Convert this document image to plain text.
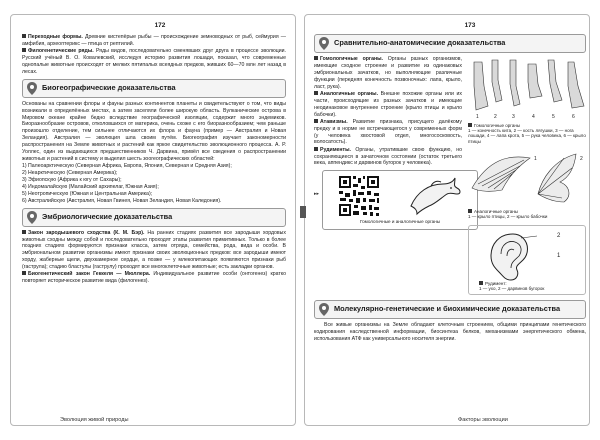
172
Переходные формы. Древние кистепёрые рыбы — происхождение земноводных от рыб, сеймурия — амфибия, археоптерикс — птица от рептилий.
Филогенетические ряды. Ряды видов, последовательно сменявших друг друга в процессе эволюции. Русский учёный В. О. Ковалевский, исследуя историю развития лошади, показал, что современные однопалые животные происходят от мелких пятипалых всеядных предков, живших 60—70 млн лет назад в лесах.
Биогеографические доказательства
Основаны на сравнении флоры и фауны разных континентов планеты и свидетельствуют о том, что виды возникали в определённых местах, а затем заселяли более широкую область. Вулканические острова в Мировом океане крайне бедно вследствие географической изоляции, содержит много эндемиков. Биоразнообразие островов, отколовшихся от материка, очень схоже с его биоразнообразием; чем раньше произошло отделение, тем сильнее отличаются их флора и фауна (пример — Австралия и Новая Зеландия). Австралия — эволюция шла своим путём. Биогеография изучает закономерности распространения на Земле животных и растений как яркое свидетельство эволюционного процесса. А. Р. Уоллес, один из выдающихся предшественников Ч. Дарвина, привёл все сведения о распространении животных и растений в систему и выделил шесть зоогеографических областей:
1) Палеоарктическую (Северная Африка, Европа, Япония, Северная и Средняя Азия);
2) Неарктическую (Северная Америка);
3) Эфиопскую (Африка к югу от Сахары);
4) Индомалайскую (Малайский архипелаг, Южная Азия);
5) Неотропическую (Южная и Центральная Америка);
6) Австралийскую (Австралия, Новая Гвинея, Новая Зеландия, Новая Каледония).
Эмбриологические доказательства
Закон зародышевого сходства (К. М. Бэр). На ранних стадиях развития все зародыши хордовых животных сходны между собой и последовательно проходят этапы развития примитивных. Только в более поздних стадиях формируются признаки класса, затем отряда, семейства, рода, вида и особи. В эмбриональном развитии организмы имеют признаки своих эволюционных предков: все зародыши имеют хорду, жаберные щели, двухкамерное сердце, а позже — у млекопитающих появляются признаки рыб (гаструла); стадию бластулы (гаструлу) проходят все многоклеточные животные; есть закладки органов.
Биогенетический закон Геккеля — Мюллера. Индивидуальное развитие особи (онтогенез) кратко повторяет историческое развитие вида (филогенез).
Эволюция живой природы
173
Сравнительно-анатомические доказательства
Гомологичные органы. Органы разных организмов, имеющие сходное строение и развитие из одинаковых эмбриональных зачатков, но выполняющие различные функции (передняя конечность позвоночных: лапа, крыло, ласт, рука).
Аналогичные органы. Внешне похожие органы или их части, происходящие из разных зачатков и имеющие неодинаковое внутреннее строение (крыло птицы и крыло бабочки).
Атавизмы. Развитие признака, присущего далёкому предку и в норме не встречающегося у современных форм (у человека хвостовой отдел, многососковость, волосатость).
Рудименты. Органы, утратившие свою функцию, но сохраняющиеся в зачаточном состоянии (остаток третьего века, аппендикс и дарвинов бугорок у человека).
▸▸
Гомологичные и аналогичные органы
1	2	3	4	5	6
Гомологичные органы
1 — конечность кита, 2 — кость лягушки, 3 — нога лошади, 4 — лапа крота, 5 — рука человека, 6 — крыло птицы
1	2
Аналогичные органы
1 — крыло птицы, 2 — крыло бабочки
2
1
Рудимент:
1 — ухо, 2 — дарвинов бугорок
Молекулярно-генетические и биохимические доказательства
Все живые организмы на Земле обладают клеточным строением, общими принципами генетического кодирования наследственной информации, биосинтеза белков, механизмами энергетического обмена, использования АТФ как универсального носителя энергии.
Факторы эволюции
